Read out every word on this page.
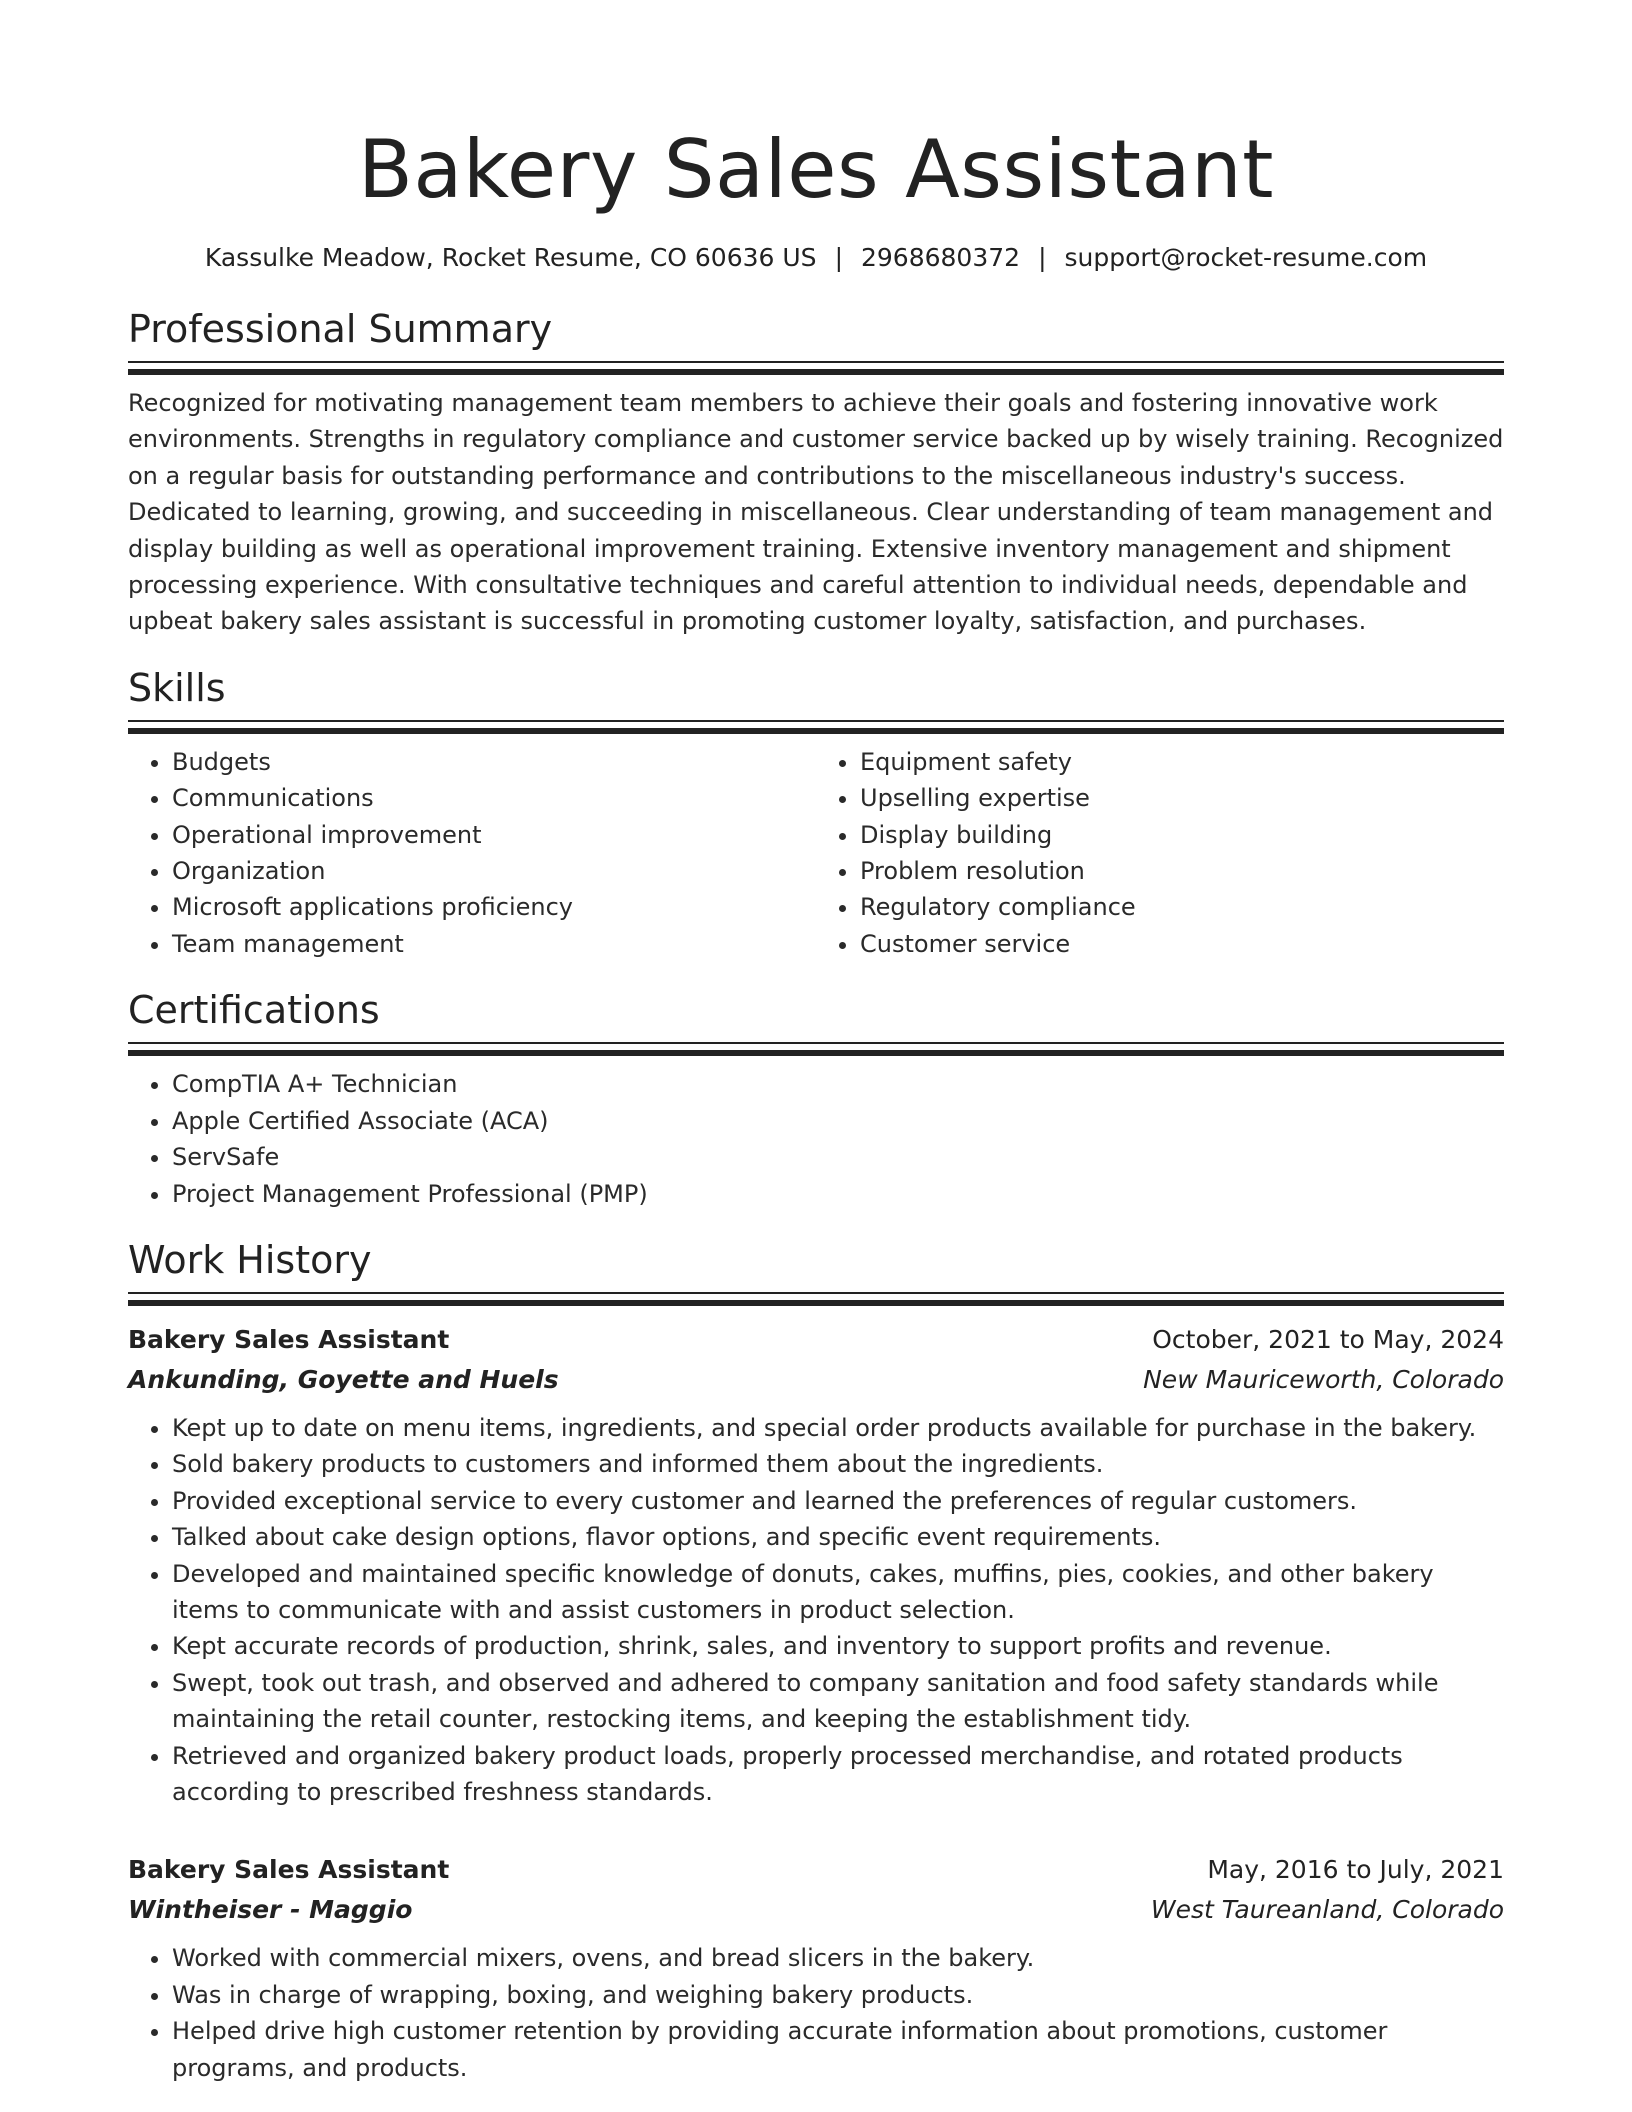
Bakery Sales Assistant
Kassulke Meadow, Rocket Resume, CO 60636 US | 2968680372 | support@rocket-resume.com
Professional Summary

Recognized for motivating management team members to achieve their goals and fostering innovative work environments. Strengths in regulatory compliance and customer service backed up by wisely training. Recognized on a regular basis for outstanding performance and contributions to the miscellaneous industry's success. Dedicated to learning, growing, and succeeding in miscellaneous. Clear understanding of team management and display building as well as operational improvement training. Extensive inventory management and shipment processing experience. With consultative techniques and careful attention to individual needs, dependable and upbeat bakery sales assistant is successful in promoting customer loyalty, satisfaction, and purchases.

Skills
• Budgets
• Communications
• Operational improvement
• Organization
• Microsoft applications proficiency
• Team management
• Equipment safety
• Upselling expertise
• Display building
• Problem resolution
• Regulatory compliance
• Customer service
Certifications
• CompTIA A+ Technician
• Apple Certified Associate (ACA)
• ServSafe
• Project Management Professional (PMP)
Work History
Bakery Sales Assistant	October, 2021 to May, 2024
Ankunding, Goyette and Huels	New Mauriceworth, Colorado
• Kept up to date on menu items, ingredients, and special order products available for purchase in the bakery.
• Sold bakery products to customers and informed them about the ingredients.
• Provided exceptional service to every customer and learned the preferences of regular customers.
• Talked about cake design options, flavor options, and specific event requirements.
• Developed and maintained specific knowledge of donuts, cakes, muffins, pies, cookies, and other bakery items to communicate with and assist customers in product selection.
• Kept accurate records of production, shrink, sales, and inventory to support profits and revenue.
• Swept, took out trash, and observed and adhered to company sanitation and food safety standards while maintaining the retail counter, restocking items, and keeping the establishment tidy.
• Retrieved and organized bakery product loads, properly processed merchandise, and rotated products according to prescribed freshness standards.
Bakery Sales Assistant	May, 2016 to July, 2021
Wintheiser - Maggio	West Taureanland, Colorado
• Worked with commercial mixers, ovens, and bread slicers in the bakery.
• Was in charge of wrapping, boxing, and weighing bakery products.
• Helped drive high customer retention by providing accurate information about promotions, customer programs, and products.
